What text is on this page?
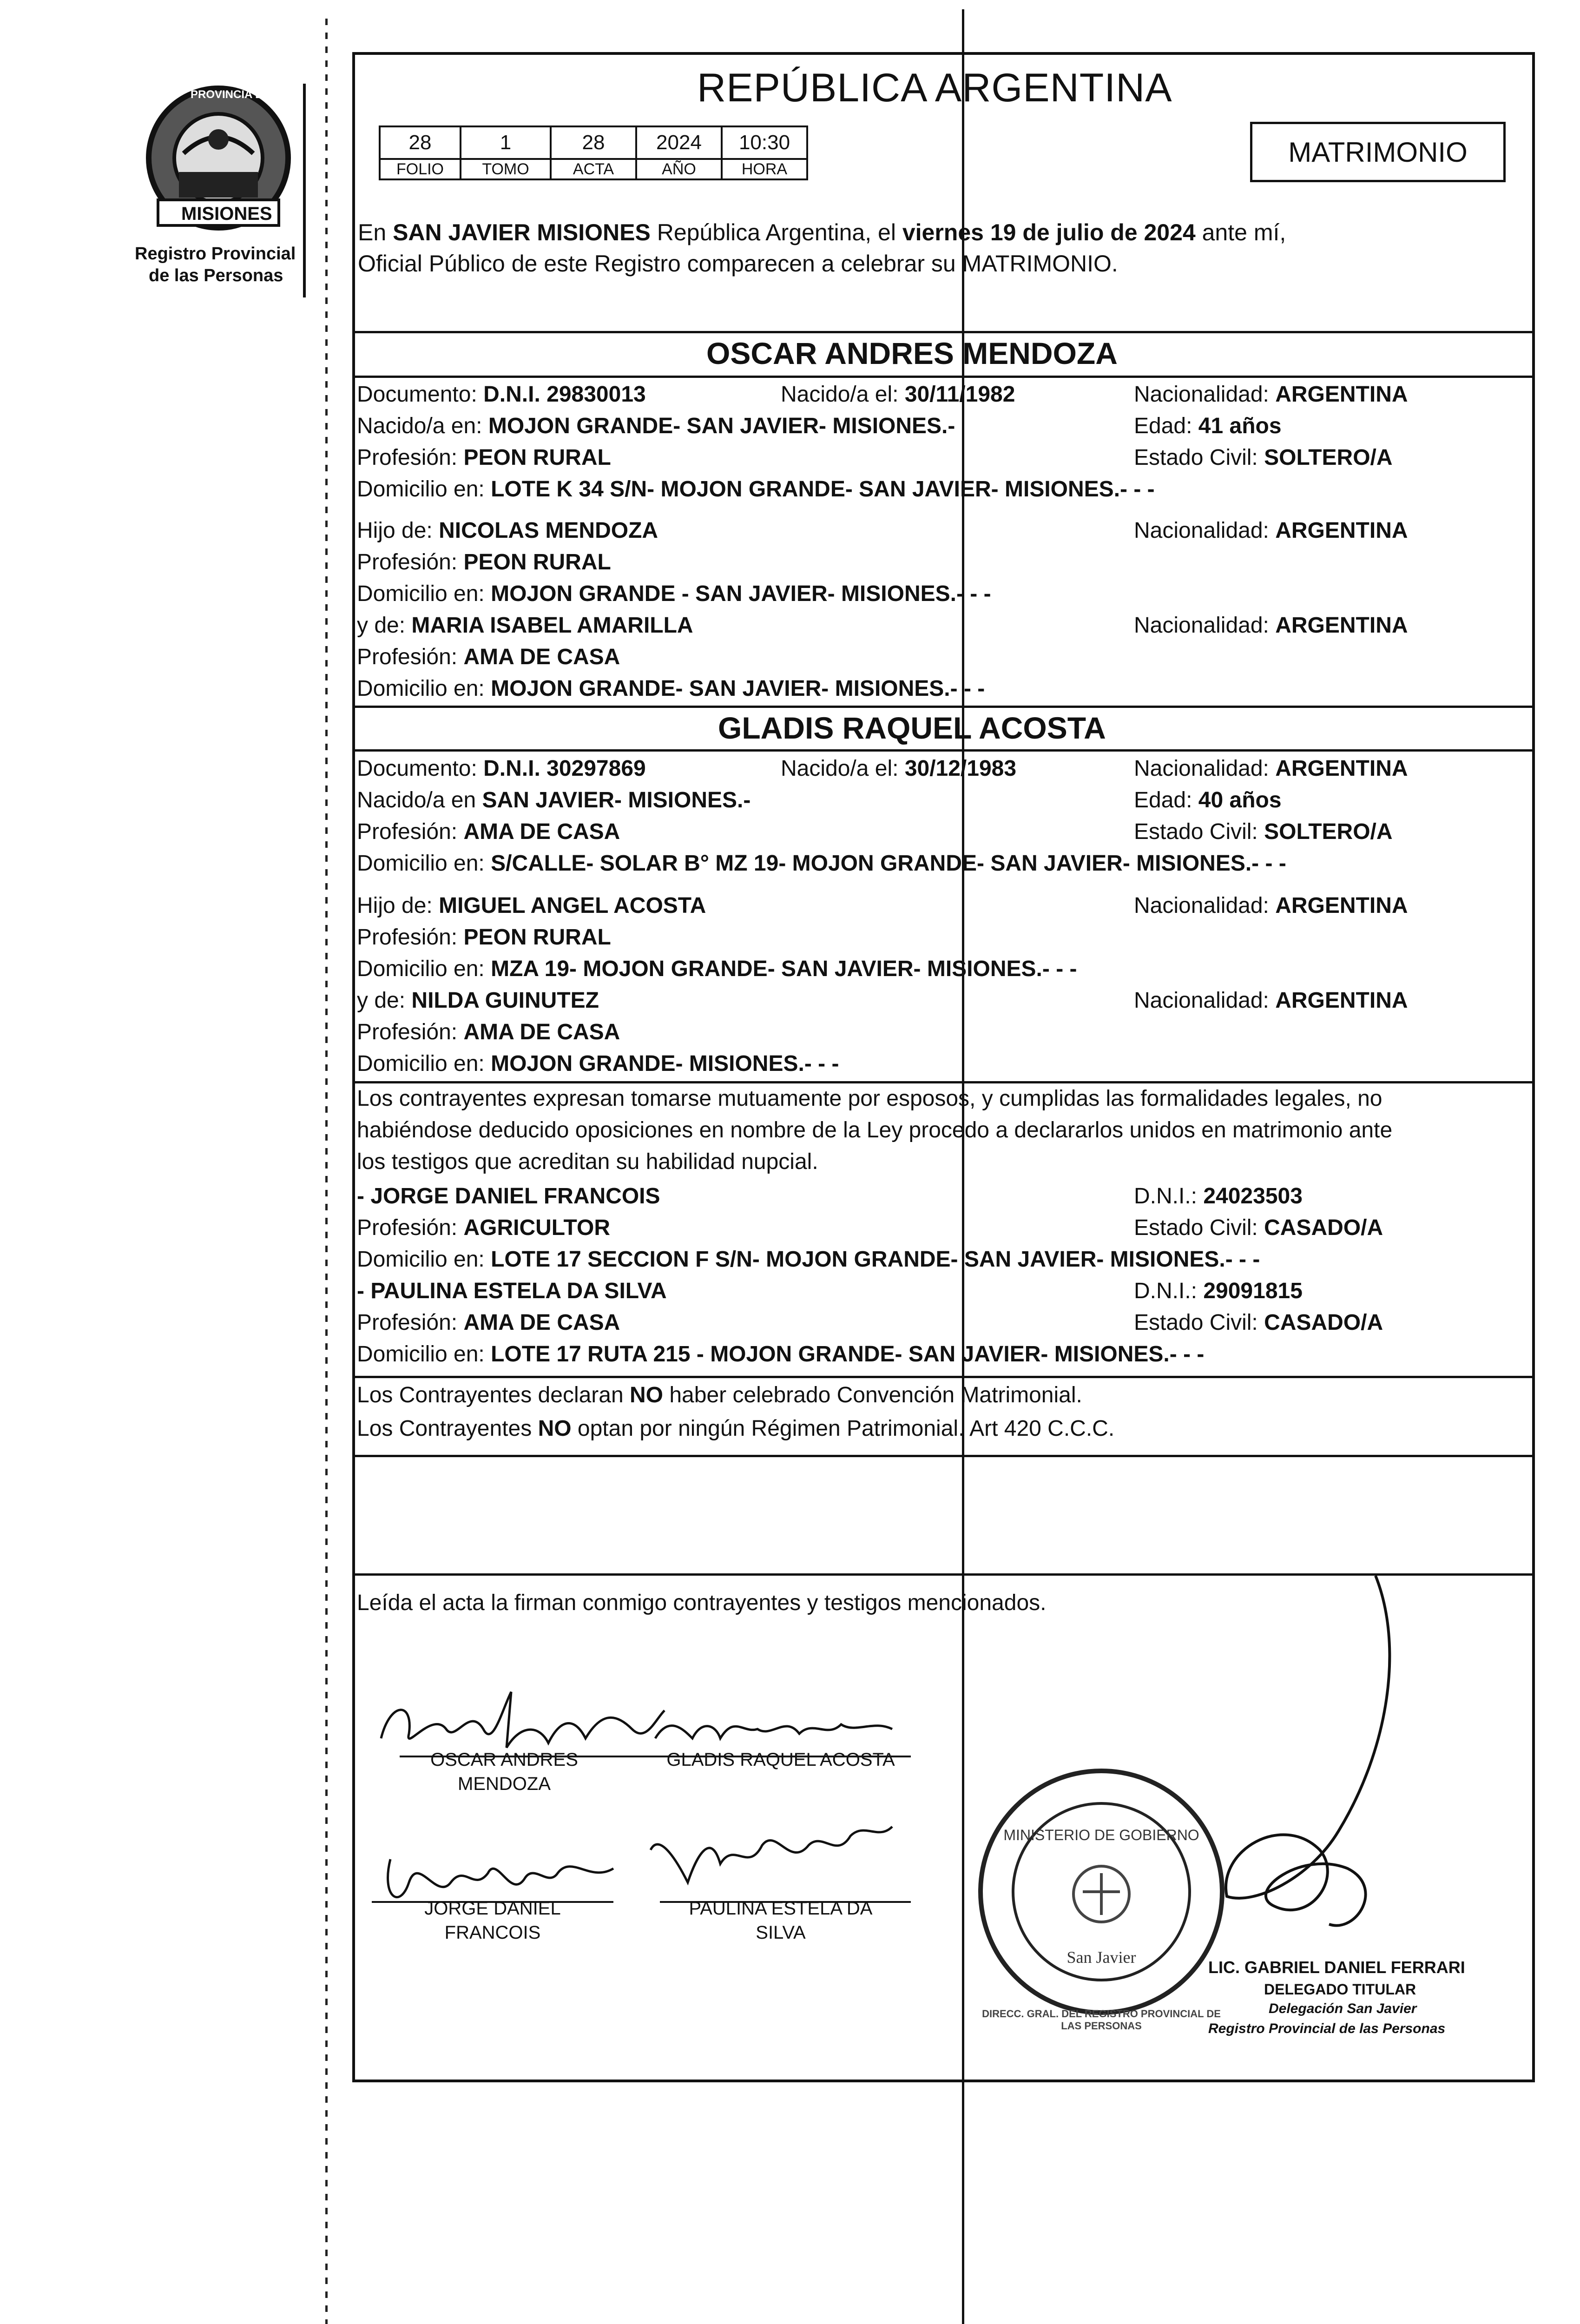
PROVINCIA DE
MISIONES
Registro Provincial
de las Personas
REPÚBLICA ARGENTINA
28	1	28	2024	10:30
FOLIO	TOMO	ACTA	AÑO	HORA
MATRIMONIO
En SAN JAVIER MISIONES República Argentina, el viernes 19 de julio de 2024 ante mí,
Oficial Público de este Registro comparecen a celebrar su MATRIMONIO.
OSCAR ANDRES MENDOZA
Documento: D.N.I. 29830013	Nacido/a el: 30/11/1982	Nacionalidad: ARGENTINA
Nacido/a en: MOJON GRANDE- SAN JAVIER- MISIONES.-	Edad: 41 años
Profesión: PEON RURAL	Estado Civil: SOLTERO/A
Domicilio en: LOTE K 34 S/N- MOJON GRANDE- SAN JAVIER- MISIONES.- - -
Hijo de: NICOLAS MENDOZA	Nacionalidad: ARGENTINA
Profesión: PEON RURAL
Domicilio en: MOJON GRANDE - SAN JAVIER- MISIONES.- - -
y de: MARIA ISABEL AMARILLA	Nacionalidad: ARGENTINA
Profesión: AMA DE CASA
Domicilio en: MOJON GRANDE- SAN JAVIER- MISIONES.- - -
GLADIS RAQUEL ACOSTA
Documento: D.N.I. 30297869	Nacido/a el: 30/12/1983	Nacionalidad: ARGENTINA
Nacido/a en SAN JAVIER- MISIONES.-	Edad: 40 años
Profesión: AMA DE CASA	Estado Civil: SOLTERO/A
Domicilio en: S/CALLE- SOLAR B° MZ 19- MOJON GRANDE- SAN JAVIER- MISIONES.- - -
Hijo de: MIGUEL ANGEL ACOSTA	Nacionalidad: ARGENTINA
Profesión: PEON RURAL
Domicilio en: MZA 19- MOJON GRANDE- SAN JAVIER- MISIONES.- - -
y de: NILDA GUINUTEZ	Nacionalidad: ARGENTINA
Profesión: AMA DE CASA
Domicilio en: MOJON GRANDE- MISIONES.- - -
Los contrayentes expresan tomarse mutuamente por esposos, y cumplidas las formalidades legales, no
habiéndose deducido oposiciones en nombre de la Ley procedo a declararlos unidos en matrimonio ante
los testigos que acreditan su habilidad nupcial.
- JORGE DANIEL FRANCOIS	D.N.I.: 24023503
Profesión: AGRICULTOR	Estado Civil: CASADO/A
Domicilio en: LOTE 17 SECCION F S/N- MOJON GRANDE- SAN JAVIER- MISIONES.- - -
- PAULINA ESTELA DA SILVA	D.N.I.: 29091815
Profesión: AMA DE CASA	Estado Civil: CASADO/A
Domicilio en: LOTE 17 RUTA 215 - MOJON GRANDE- SAN JAVIER- MISIONES.- - -
Los Contrayentes declaran NO haber celebrado Convención Matrimonial.
Los Contrayentes NO optan por ningún Régimen Patrimonial. Art 420 C.C.C.
Leída el acta la firman conmigo contrayentes y testigos mencionados.
OSCAR ANDRES
MENDOZA
GLADIS RAQUEL ACOSTA
JORGE DANIEL
FRANCOIS
PAULINA ESTELA DA
SILVA
DIRECC. GRAL. DEL REGISTRO PROVINCIAL DE LAS PERSONAS
MINISTERIO DE GOBIERNO
San Javier
LIC. GABRIEL DANIEL FERRARI
DELEGADO TITULAR
Delegación San Javier
Registro Provincial de las Personas
